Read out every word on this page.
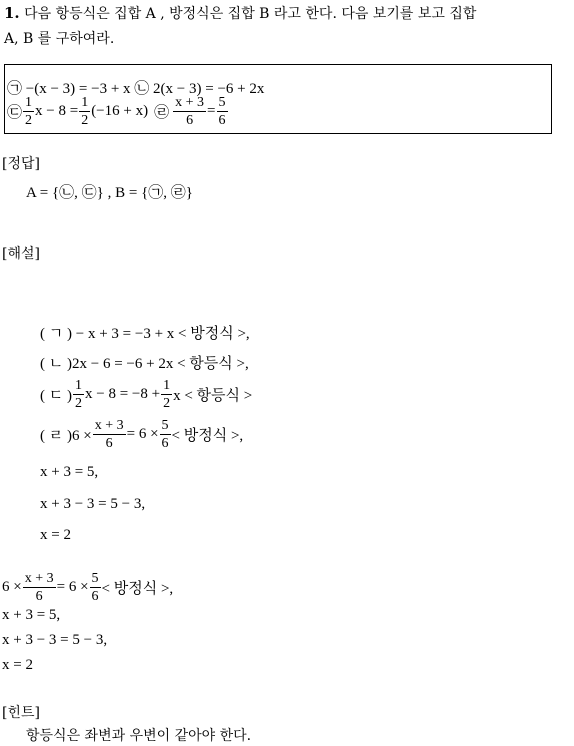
1. 다음 항등식은 집합 A , 방정식은 집합 B 라고 한다. 다음 보기를 보고 집합
A, B 를 구하여라.
㉠ −(x − 3) = −3 + x ㉡ 2(x − 3) = −6 + 2x
㉢ $\frac{1}{2}$ $x - 8 = \frac{1}{2} (-16 + x)$ ㉣ $\frac{x + 3}{6} = \frac{5}{6}$
[정답]
A = {㉡, ㉢} , B = {㉠, ㉣}
[해설]
( ㄱ ) − x + 3 = −3 + x < 방정식 >,
( ㄴ )2x − 6 = −6 + 2x < 항등식 >,
( ㄷ ) $\frac{1}{2}$ $x - 8 = -8 + \frac{1}{2}$ x < 항등식 >
( ㄹ )$6 \times \frac{x + 3}{6} = 6 \times \frac{5}{6}$ < 방정식 >,
x + 3 = 5,
x + 3 − 3 = 5 − 3,
x = 2
$6 \times \frac{x + 3}{6} = 6 \times \frac{5}{6}$ < 방정식 >,
x + 3 = 5,
x + 3 − 3 = 5 − 3,
x = 2
[힌트]
항등식은 좌변과 우변이 같아야 한다.
